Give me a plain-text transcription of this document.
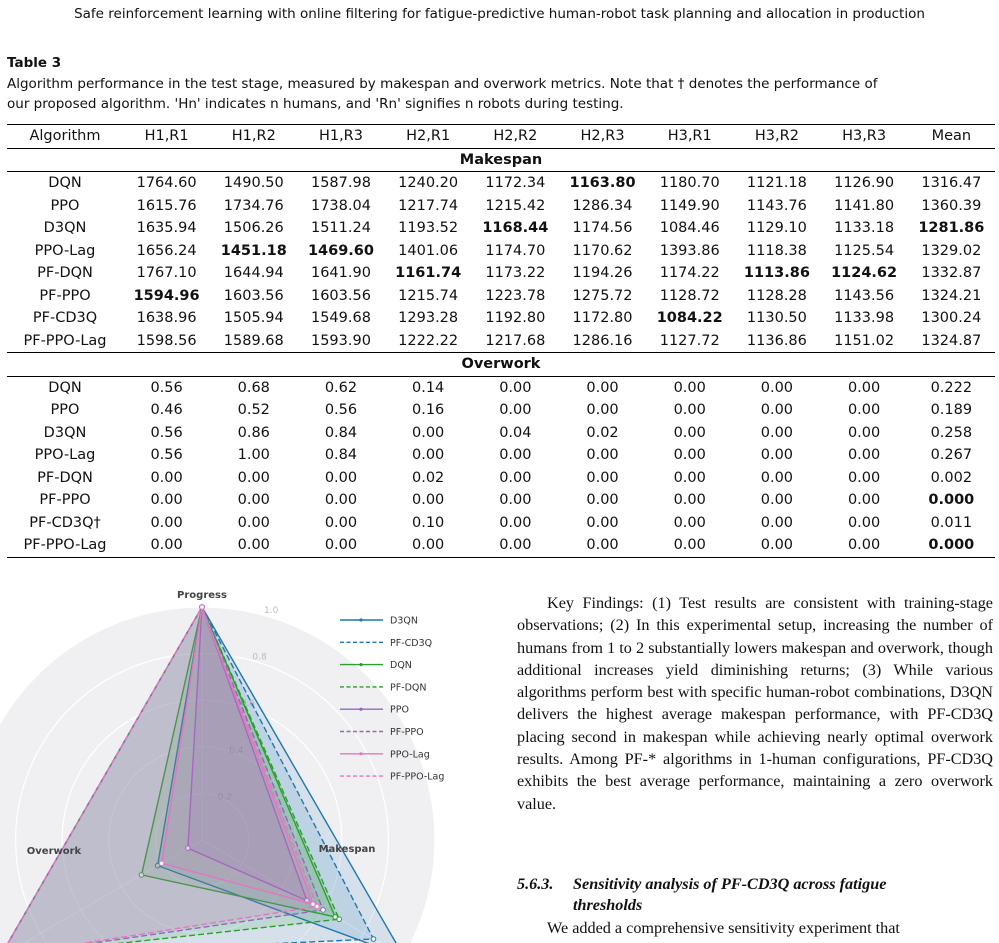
Safe reinforcement learning with online filtering for fatigue-predictive human-robot task planning and allocation in production
Table 3
Algorithm performance in the test stage, measured by makespan and overwork metrics. Note that † denotes the performance of
our proposed algorithm. 'Hn' indicates n humans, and 'Rn' signifies n robots during testing.
Algorithm	H1,R1	H1,R2	H1,R3	H2,R1	H2,R2	H2,R3	H3,R1	H3,R2	H3,R3	Mean
Makespan										
DQN	1764.60	1490.50	1587.98	1240.20	1172.34	1163.80	1180.70	1121.18	1126.90	1316.47
PPO	1615.76	1734.76	1738.04	1217.74	1215.42	1286.34	1149.90	1143.76	1141.80	1360.39
D3QN	1635.94	1506.26	1511.24	1193.52	1168.44	1174.56	1084.46	1129.10	1133.18	1281.86
PPO-Lag	1656.24	1451.18	1469.60	1401.06	1174.70	1170.62	1393.86	1118.38	1125.54	1329.02
PF-DQN	1767.10	1644.94	1641.90	1161.74	1173.22	1194.26	1174.22	1113.86	1124.62	1332.87
PF-PPO	1594.96	1603.56	1603.56	1215.74	1223.78	1275.72	1128.72	1128.28	1143.56	1324.21
PF-CD3Q	1638.96	1505.94	1549.68	1293.28	1192.80	1172.80	1084.22	1130.50	1133.98	1300.24
PF-PPO-Lag	1598.56	1589.68	1593.90	1222.22	1217.68	1286.16	1127.72	1136.86	1151.02	1324.87
Overwork										
DQN	0.56	0.68	0.62	0.14	0.00	0.00	0.00	0.00	0.00	0.222
PPO	0.46	0.52	0.56	0.16	0.00	0.00	0.00	0.00	0.00	0.189
D3QN	0.56	0.86	0.84	0.00	0.04	0.02	0.00	0.00	0.00	0.258
PPO-Lag	0.56	1.00	0.84	0.00	0.00	0.00	0.00	0.00	0.00	0.267
PF-DQN	0.00	0.00	0.00	0.02	0.00	0.00	0.00	0.00	0.00	0.002
PF-PPO	0.00	0.00	0.00	0.00	0.00	0.00	0.00	0.00	0.00	0.000
PF-CD3Q†	0.00	0.00	0.00	0.10	0.00	0.00	0.00	0.00	0.00	0.011
PF-PPO-Lag	0.00	0.00	0.00	0.00	0.00	0.00	0.00	0.00	0.00	0.000
0.2
0.4
0.6
0.8
1.0
Progress
Makespan
Overwork
D3QN
PF-CD3Q
DQN
PF-DQN
PPO
PF-PPO
PPO-Lag
PF-PPO-Lag
Key Findings: (1) Test results are consistent with training-stage observations; (2) In this experimental setup, increasing the number of humans from 1 to 2 substantially lowers makespan and overwork, though additional increases yield diminishing returns; (3) While various algorithms perform best with specific human-robot combinations, D3QN delivers the highest average makespan performance, with PF-CD3Q placing second in makespan while achieving nearly optimal overwork results. Among PF-* algorithms in 1-human configurations, PF-CD3Q exhibits the best average performance, maintaining a zero overwork value.
5.6.3. Sensitivity analysis of PF-CD3Q across fatigue
thresholds
We added a comprehensive sensitivity experiment that
